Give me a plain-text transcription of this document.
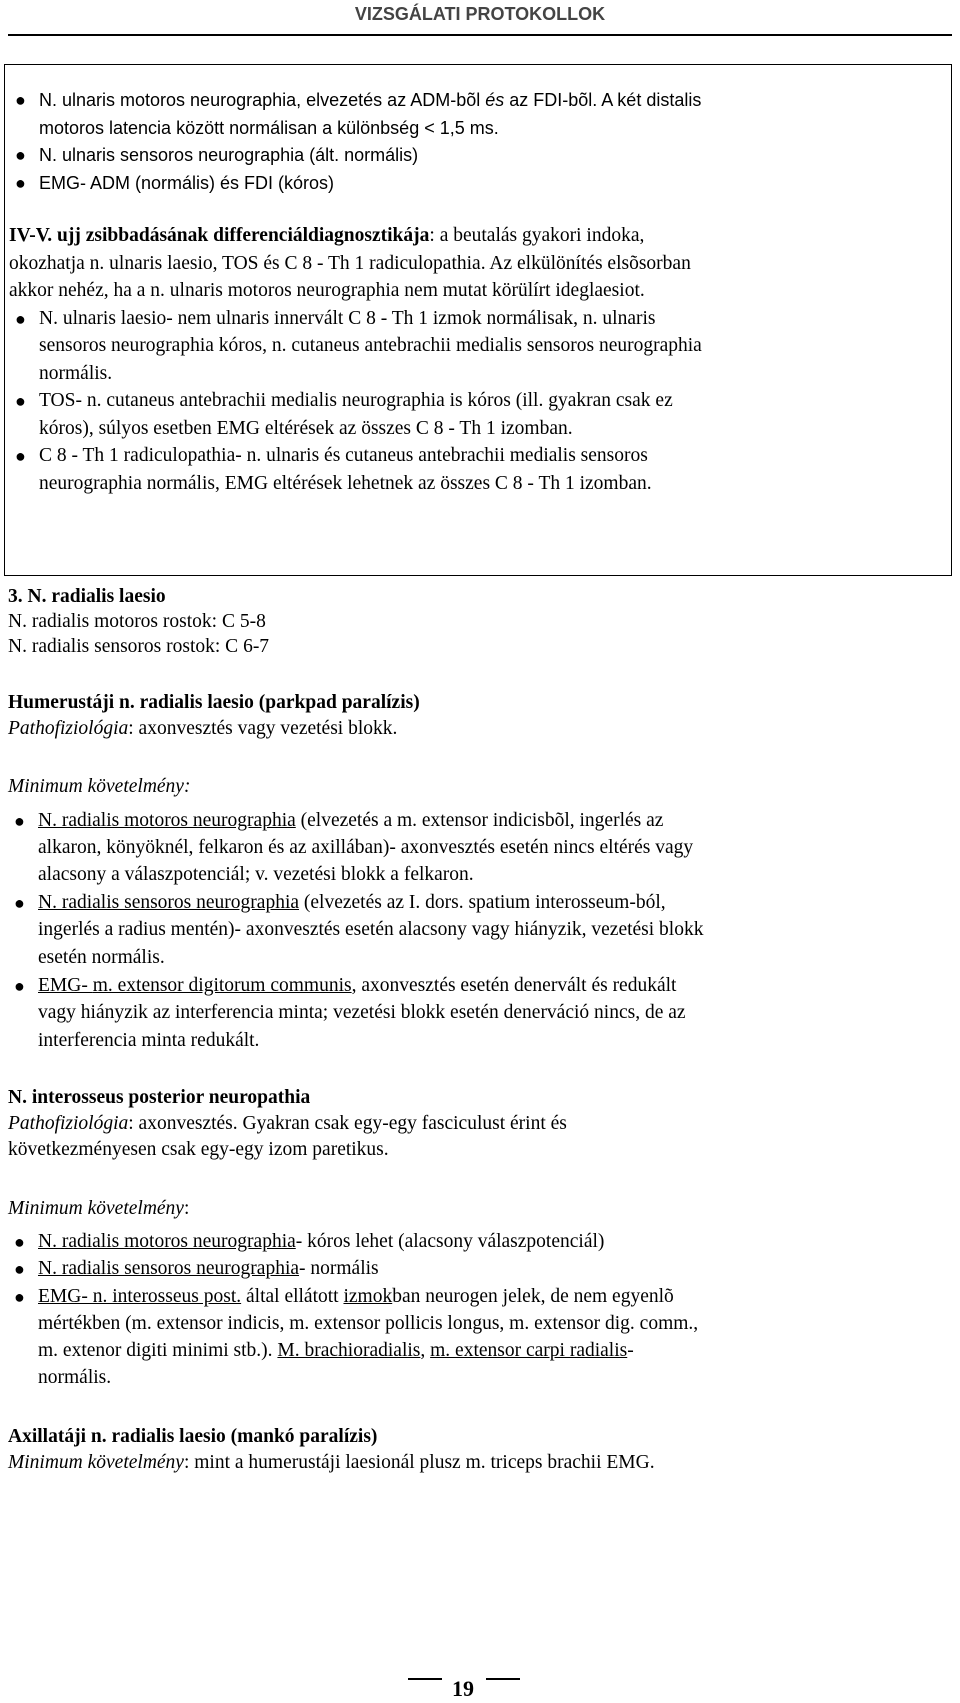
VIZSGÁLATI PROTOKOLLOK
● N. ulnaris motoros neurographia, elvezetés az ADM-bõl és az FDI-bõl. A két distalis
motoros latencia között normálisan a különbség < 1,5 ms.
● N. ulnaris sensoros neurographia (ált. normális)
● EMG- ADM (normális) és FDI (kóros)
IV-V. ujj zsibbadásának differenciáldiagnosztikája: a beutalás gyakori indoka,
okozhatja n. ulnaris laesio, TOS és C 8 - Th 1 radiculopathia. Az elkülönítés elsõsorban
akkor nehéz, ha a n. ulnaris motoros neurographia nem mutat körülírt ideglaesiot.
● N. ulnaris laesio- nem ulnaris innervált C 8 - Th 1 izmok normálisak, n. ulnaris
sensoros neurographia kóros, n. cutaneus antebrachii medialis sensoros neurographia
normális.
● TOS- n. cutaneus antebrachii medialis neurographia is kóros (ill. gyakran csak ez
kóros), súlyos esetben EMG eltérések az összes C 8 - Th 1 izomban.
● C 8 - Th 1 radiculopathia- n. ulnaris és cutaneus antebrachii medialis sensoros
neurographia normális, EMG eltérések lehetnek az összes C 8 - Th 1 izomban.
3. N. radialis laesio
N. radialis motoros rostok: C 5-8
N. radialis sensoros rostok: C 6-7
Humerustáji n. radialis laesio (parkpad paralízis)
Pathofiziológia: axonvesztés vagy vezetési blokk.
Minimum követelmény:
● N. radialis motoros neurographia (elvezetés a m. extensor indicisbõl, ingerlés az
alkaron, könyöknél, felkaron és az axillában)- axonvesztés esetén nincs eltérés vagy
alacsony a válaszpotenciál; v. vezetési blokk a felkaron.
● N. radialis sensoros neurographia (elvezetés az I. dors. spatium interosseum-ból,
ingerlés a radius mentén)- axonvesztés esetén alacsony vagy hiányzik, vezetési blokk
esetén normális.
● EMG- m. extensor digitorum communis, axonvesztés esetén denervált és redukált
vagy hiányzik az interferencia minta; vezetési blokk esetén denerváció nincs, de az
interferencia minta redukált.
N. interosseus posterior neuropathia
Pathofiziológia: axonvesztés. Gyakran csak egy-egy fasciculust érint és
következményesen csak egy-egy izom paretikus.
Minimum követelmény:
● N. radialis motoros neurographia- kóros lehet (alacsony válaszpotenciál)
● N. radialis sensoros neurographia- normális
● EMG- n. interosseus post. által ellátott izmokban neurogen jelek, de nem egyenlõ
mértékben (m. extensor indicis, m. extensor pollicis longus, m. extensor dig. comm.,
m. extenor digiti minimi stb.). M. brachioradialis, m. extensor carpi radialis-
normális.
Axillatáji n. radialis laesio (mankó paralízis)
Minimum követelmény: mint a humerustáji laesionál plusz m. triceps brachii EMG.
19
